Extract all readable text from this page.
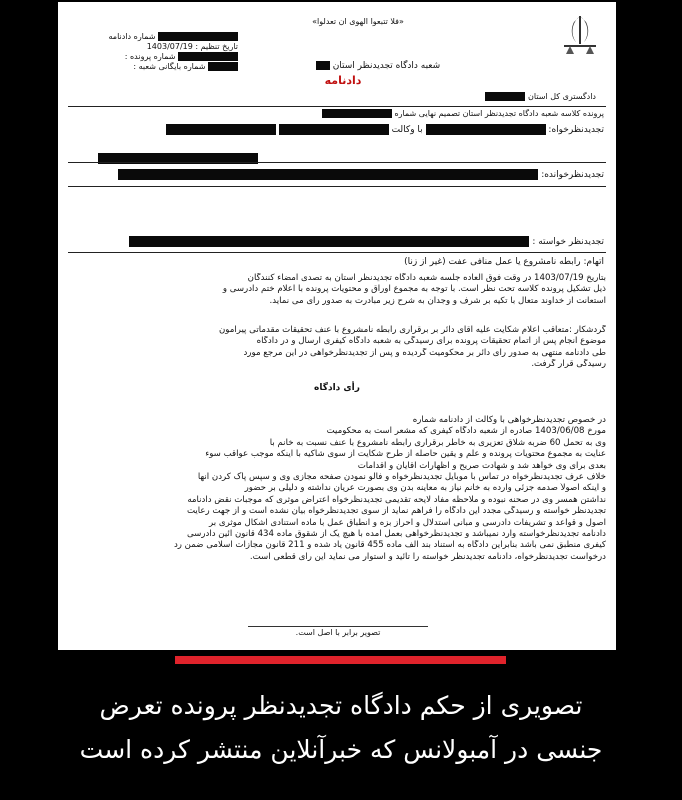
شماره دادنامه
تاریخ تنظیم : 1403/07/19
شماره پرونده :
شماره بایگانی شعبه :
«فلا تتبعوا الهوی ان تعدلوا»
شعبه دادگاه تجدیدنظر استان
دادنامه
دادگستری کل استان
پرونده کلاسه شعبه دادگاه تجدیدنظر استان تصمیم نهایی شماره
تجدیدنظرخواه:  با وکالت
تجدیدنظرخوانده:
تجدیدنظر خواسته :
اتهام: رابطه نامشروع یا عمل منافی عفت (غیر از زنا)
بتاریخ 1403/07/19 در وقت فوق العاده جلسه شعبه دادگاه تجدیدنظر استان به تصدی امضاء کنندگان
ذیل تشکیل پرونده کلاسه تحت نظر است. با توجه به مجموع اوراق و محتویات پرونده با اعلام ختم دادرسی و
استعانت از خداوند متعال با تکیه بر شرف و وجدان به شرح زیر مبادرت به صدور رای می نماید.
گردشکار :متعاقب اعلام شکایت علیه آقای دائر بر برقراری رابطه نامشروع با عنف تحقیقات مقدماتی پیرامون
موضوع انجام پس از اتمام تحقیقات پرونده برای رسیدگی به شعبه دادگاه کیفری ارسال و در دادگاه
طی دادنامه منتهی به صدور رای دائر بر محکومیت گردیده و پس از تجدیدنظرخواهی در این مرجع مورد
رسیدگی قرار گرفت.
رأی دادگاه
در خصوص تجدیدنظرخواهی با وکالت از دادنامه شماره
مورخ 1403/06/08 صادره از شعبه دادگاه کیفری که مشعر است به محکومیت
وی به تحمل 60 ضربه شلاق تعزیری به خاطر برقراری رابطه نامشروع با عنف نسبت به خانم با
عنایت به مجموع محتویات پرونده و علم و یقین حاصله از طرح شکایت از سوی شاکیه با اینکه موجب عواقب سوء
بعدی برای وی خواهد شد و شهادت صریح و اظهارات آقایان و اقدامات
خلاف عرف تجدیدنظرخواه در تماس با موبایل تجدیدنظرخواه و فالو نمودن صفحه مجازی وی و سپس پاک کردن آنها
و اینکه اصولاً صدمه جزئی وارده به خانم نیاز به معاینه بدن وی بصورت عریان نداشته و دلیلی بر حضور
نداشتن همسر وی در صحنه نبوده و ملاحظه مفاد لایحه تقدیمی تجدیدنظرخواه اعتراض موثری که موجبات نقض دادنامه
تجدیدنظر خواسته و رسیدگی مجدد این دادگاه را فراهم نماید از سوی تجدیدنظرخواه بیان نشده است و از جهت رعایت
اصول و قواعد و تشریفات دادرسی و مبانی استدلال و احراز بزه و انطباق عمل با ماده استنادی اشکال موثری بر
دادنامه تجدیدنظرخواسته وارد نمیباشد و تجدیدنظرخواهی بعمل آمده با هیچ یک از شقوق ماده 434 قانون آئین دادرسی
کیفری منطبق نمی باشد بنابراین دادگاه به استناد بند الف ماده 455 قانون یاد شده و 211 قانون مجازات اسلامی ضمن رد
درخواست تجدیدنظرخواه، دادنامه تجدیدنظر خواسته را تائید و استوار می نماید این رای قطعی است.
تصویر برابر با اصل است.
تصویری از حکم دادگاه تجدیدنظر پرونده تعرض
جنسی در آمبولانس که خبرآنلاین منتشر کرده است
